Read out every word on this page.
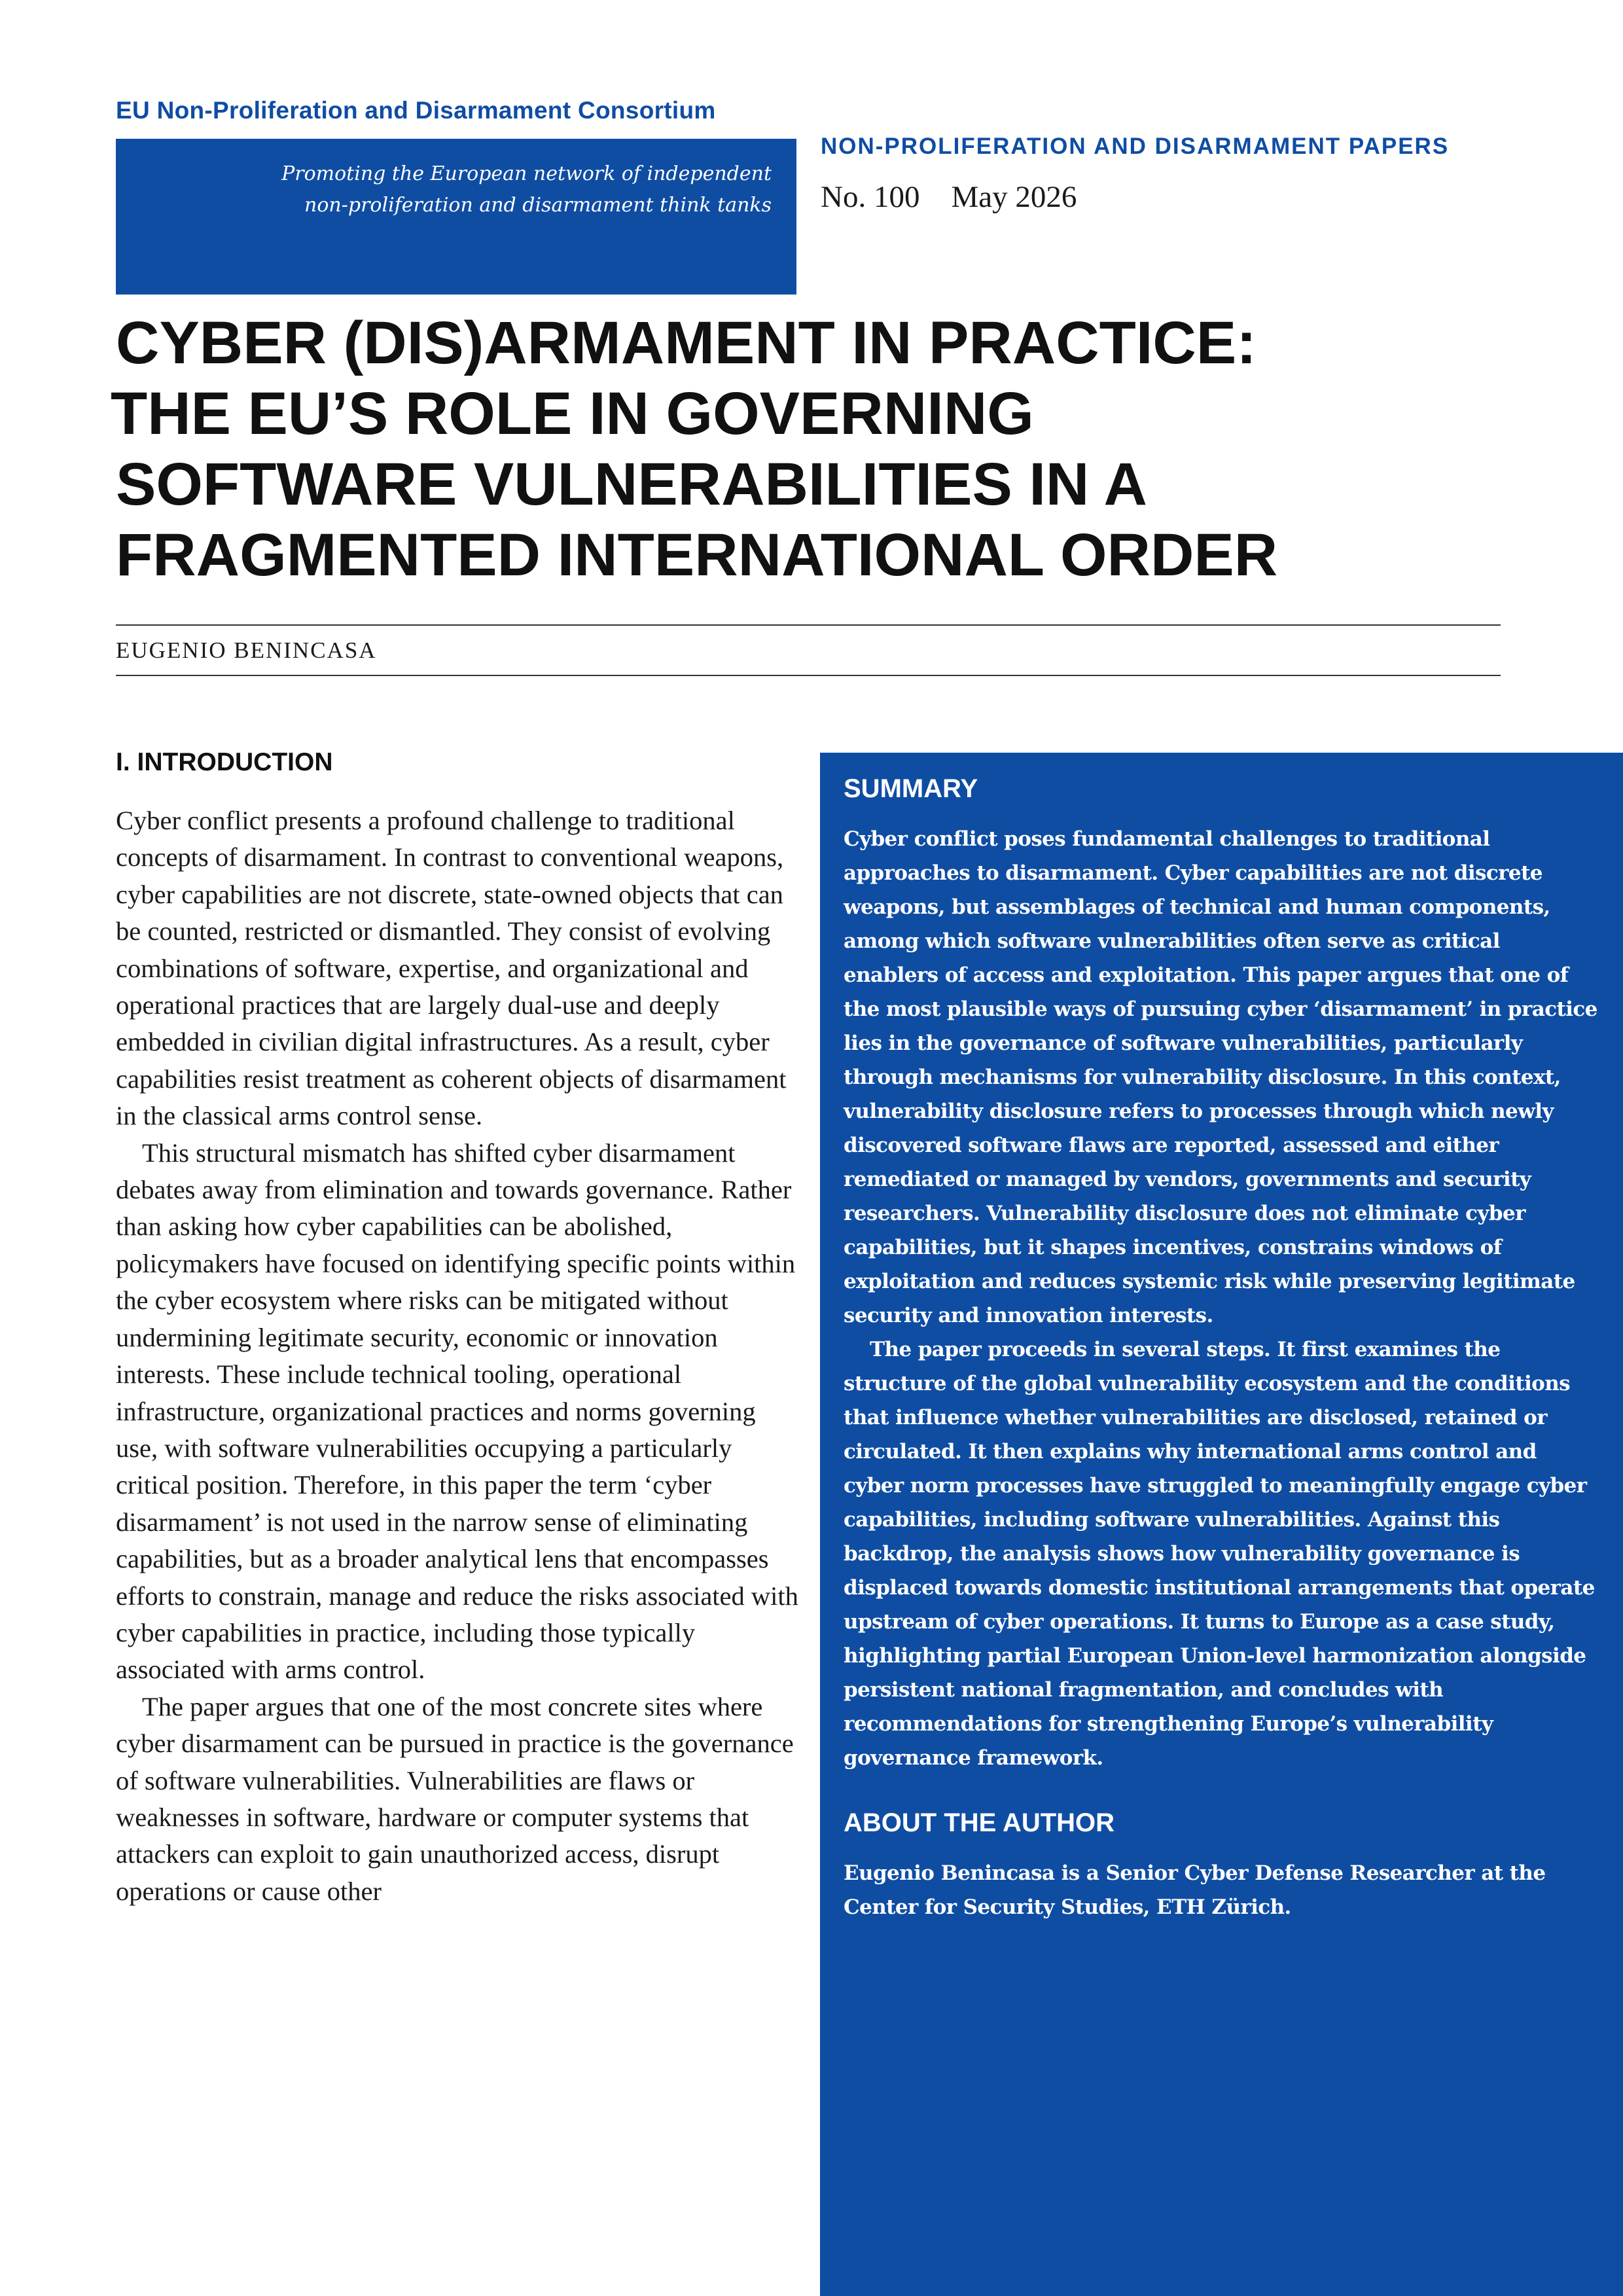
EU Non-Proliferation and Disarmament Consortium
Promoting the European network of independent
non-proliferation and disarmament think tanks
NON-PROLIFERATION AND DISARMAMENT PAPERS
No. 100 May 2026
CYBER (DIS)ARMAMENT IN PRACTICE:
THE EU’S ROLE IN GOVERNING
SOFTWARE VULNERABILITIES IN A
FRAGMENTED INTERNATIONAL ORDER
EUGENIO BENINCASA
I. INTRODUCTION

Cyber conflict presents a profound challenge to traditional concepts of disarmament. In contrast to conventional weapons, cyber capabilities are not discrete, state-owned objects that can be counted, restricted or dismantled. They consist of evolving combinations of software, expertise, and organizational and operational practices that are largely dual-use and deeply embedded in civilian digital infrastructures. As a result, cyber capabilities resist treatment as coherent objects of disarmament in the classical arms control sense.

This structural mismatch has shifted cyber disarmament debates away from elimination and towards governance. Rather than asking how cyber capabilities can be abolished, policymakers have focused on identifying specific points within the cyber ecosystem where risks can be mitigated without undermining legitimate security, economic or innovation interests. These include technical tooling, operational infrastructure, organizational practices and norms governing use, with software vulnerabilities occupying a particularly critical position. Therefore, in this paper the term ‘cyber disarmament’ is not used in the narrow sense of eliminating capabilities, but as a broader analytical lens that encompasses efforts to constrain, manage and reduce the risks associated with cyber capabilities in practice, including those typically associated with arms control.

The paper argues that one of the most concrete sites where cyber disarmament can be pursued in practice is the governance of software vulnerabilities. Vulnerabilities are flaws or weaknesses in software, hardware or computer systems that attackers can exploit to gain unauthorized access, disrupt operations or cause other

SUMMARY

Cyber conflict poses fundamental challenges to traditional approaches to disarmament. Cyber capabilities are not discrete weapons, but assemblages of technical and human components, among which software vulnerabilities often serve as critical enablers of access and exploitation. This paper argues that one of the most plausible ways of pursuing cyber ‘disarmament’ in practice lies in the governance of software vulnerabilities, particularly through mechanisms for vulnerability disclosure. In this context, vulnerability disclosure refers to processes through which newly discovered software flaws are reported, assessed and either remediated or managed by vendors, governments and security researchers. Vulnerability disclosure does not eliminate cyber capabilities, but it shapes incentives, constrains windows of exploitation and reduces systemic risk while preserving legitimate security and innovation interests.

The paper proceeds in several steps. It first examines the structure of the global vulnerability ecosystem and the conditions that influence whether vulnerabilities are disclosed, retained or circulated. It then explains why international arms control and cyber norm processes have struggled to meaningfully engage cyber capabilities, including software vulnerabilities. Against this backdrop, the analysis shows how vulnerability governance is displaced towards domestic institutional arrangements that operate upstream of cyber operations. It turns to Europe as a case study, highlighting partial European Union-level harmonization alongside persistent national fragmentation, and concludes with recommendations for strengthening Europe’s vulnerability governance framework.

ABOUT THE AUTHOR

Eugenio Benincasa is a Senior Cyber Defense Researcher at the Center for Security Studies, ETH Zürich.
